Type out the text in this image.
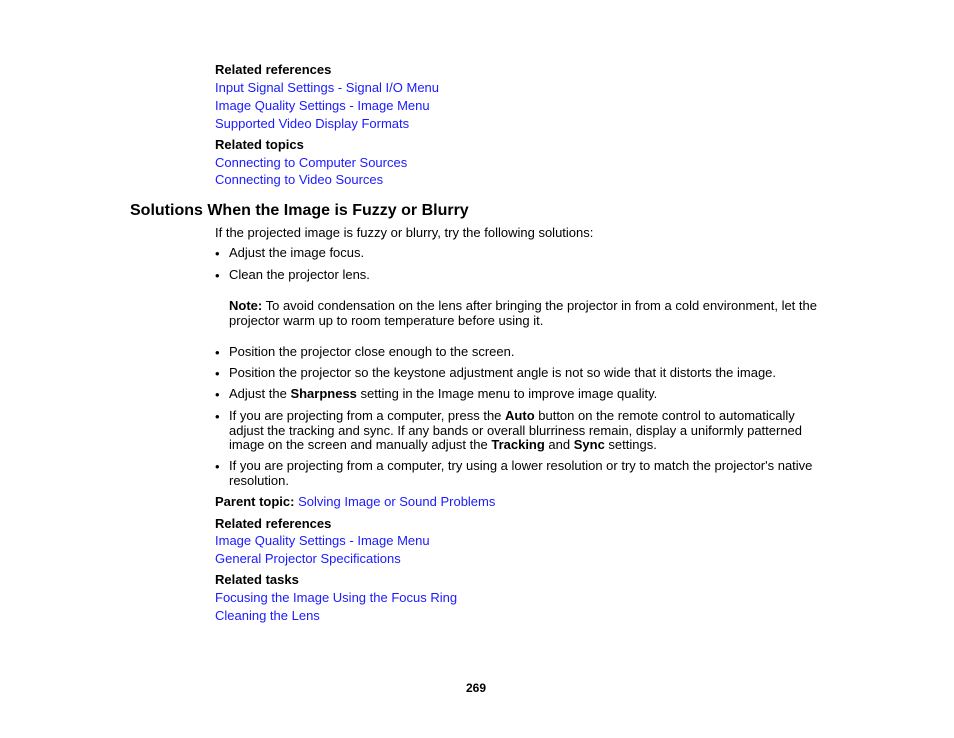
Related references
Input Signal Settings - Signal I/O Menu
Image Quality Settings - Image Menu
Supported Video Display Formats
Related topics
Connecting to Computer Sources
Connecting to Video Sources
Solutions When the Image is Fuzzy or Blurry
If the projected image is fuzzy or blurry, try the following solutions:
• Adjust the image focus.
• Clean the projector lens.
Note: To avoid condensation on the lens after bringing the projector in from a cold environment, let the projector warm up to room temperature before using it.
• Position the projector close enough to the screen.
• Position the projector so the keystone adjustment angle is not so wide that it distorts the image.
• Adjust the Sharpness setting in the Image menu to improve image quality.
• If you are projecting from a computer, press the Auto button on the remote control to automatically adjust the tracking and sync. If any bands or overall blurriness remain, display a uniformly patterned image on the screen and manually adjust the Tracking and Sync settings.
• If you are projecting from a computer, try using a lower resolution or try to match the projector's native resolution.
Parent topic: Solving Image or Sound Problems
Related references
Image Quality Settings - Image Menu
General Projector Specifications
Related tasks
Focusing the Image Using the Focus Ring
Cleaning the Lens
269
